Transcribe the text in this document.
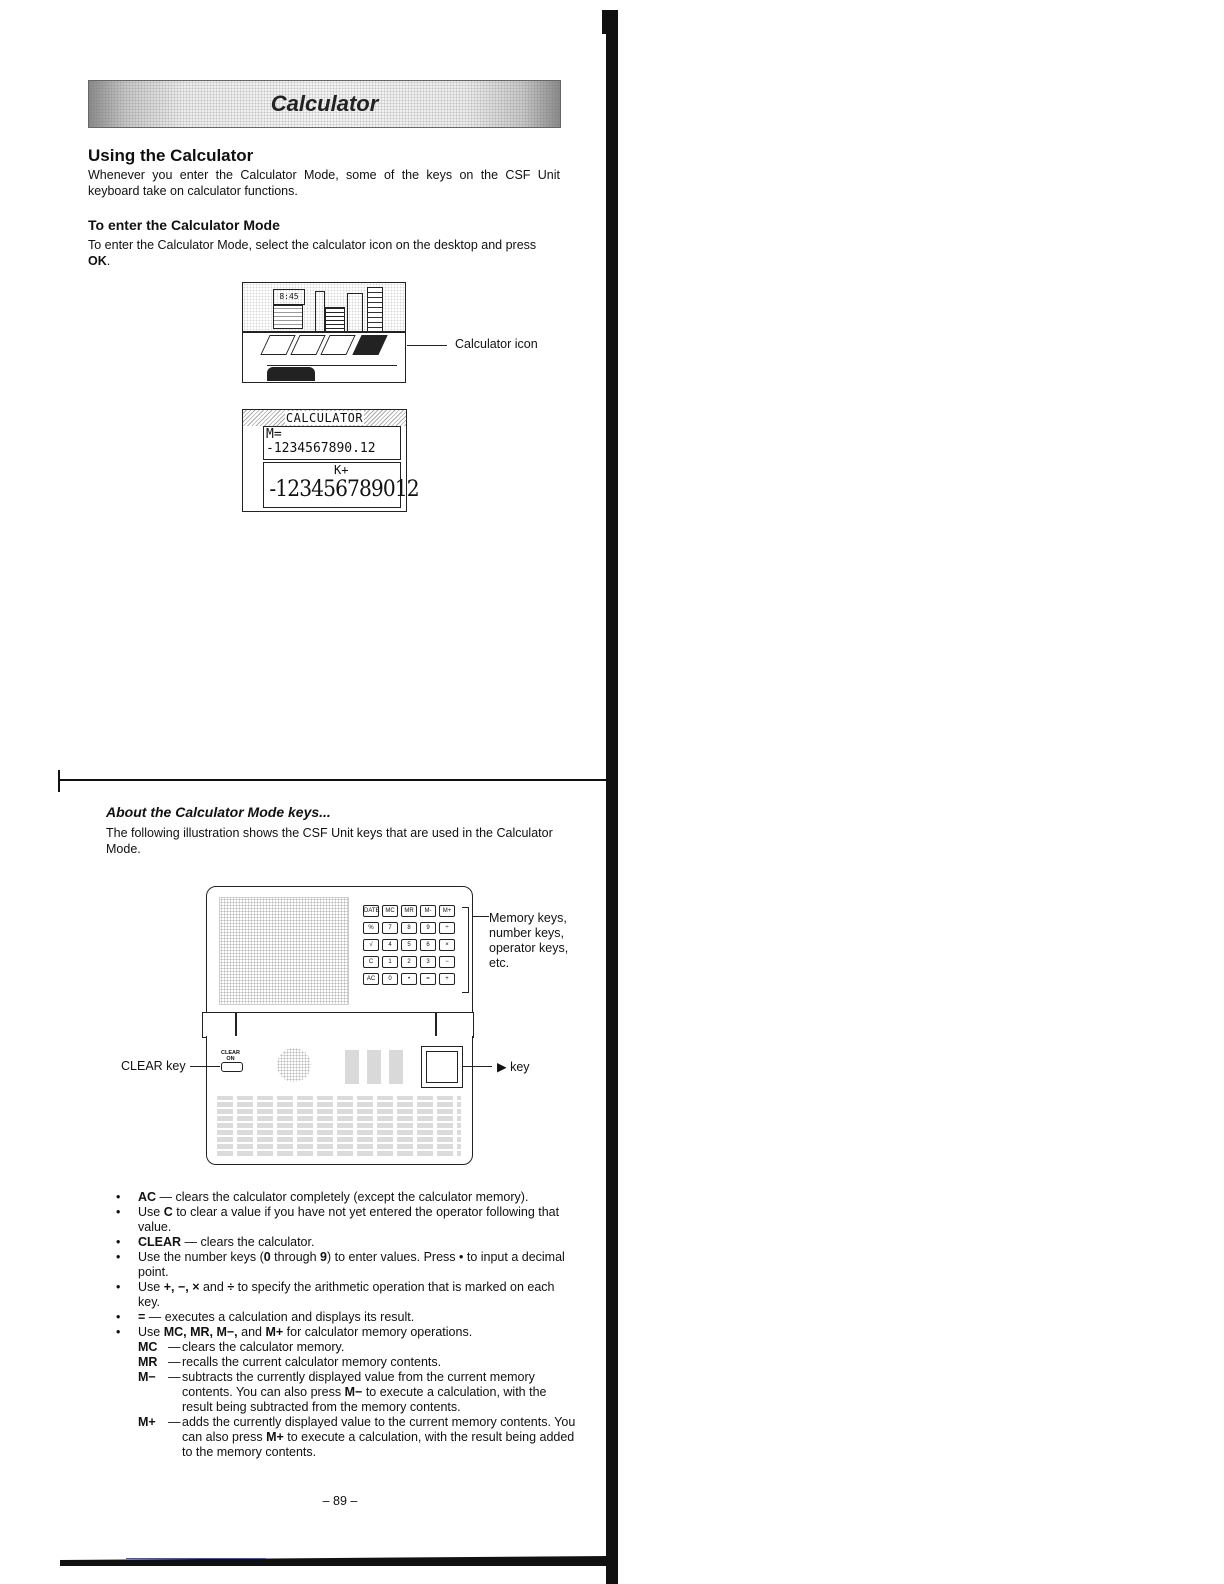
Calculator
Using the Calculator
Whenever you enter the Calculator Mode, some of the keys on the CSF Unit keyboard take on calculator functions.
To enter the Calculator Mode
To enter the Calculator Mode, select the calculator icon on the desktop and press
OK.
8:45
Calculator icon
CALCULATOR
M=
-1234567890.12
K+
-123456789012
About the Calculator Mode keys...
The following illustration shows the CSF Unit keys that are used in the Calculator Mode.
DATE MC	MR	M-	M+
%	7	8	9	÷
√	4	5	6	×
C	1	2	3	−
AC	0	•	=	+
CLEAR
ON
Memory keys,
number keys,
operator keys,
etc.
CLEAR key	▶ key
• AC — clears the calculator completely (except the calculator memory).
• Use C to clear a value if you have not yet entered the operator following that value.
• CLEAR — clears the calculator.
• Use the number keys (0 through 9) to enter values. Press • to input a decimal point.
• Use +, −, × and ÷ to specify the arithmetic operation that is marked on each key.
• = — executes a calculation and displays its result.
• Use MC, MR, M−, and M+ for calculator memory operations.
MC — clears the calculator memory.
MR — recalls the current calculator memory contents.
M− — subtracts the currently displayed value from the current memory contents. You can also press M− to execute a calculation, with the result being subtracted from the memory contents.
M+ — adds the currently displayed value to the current memory contents. You can also press M+ to execute a calculation, with the result being added to the memory contents.
– 89 –
